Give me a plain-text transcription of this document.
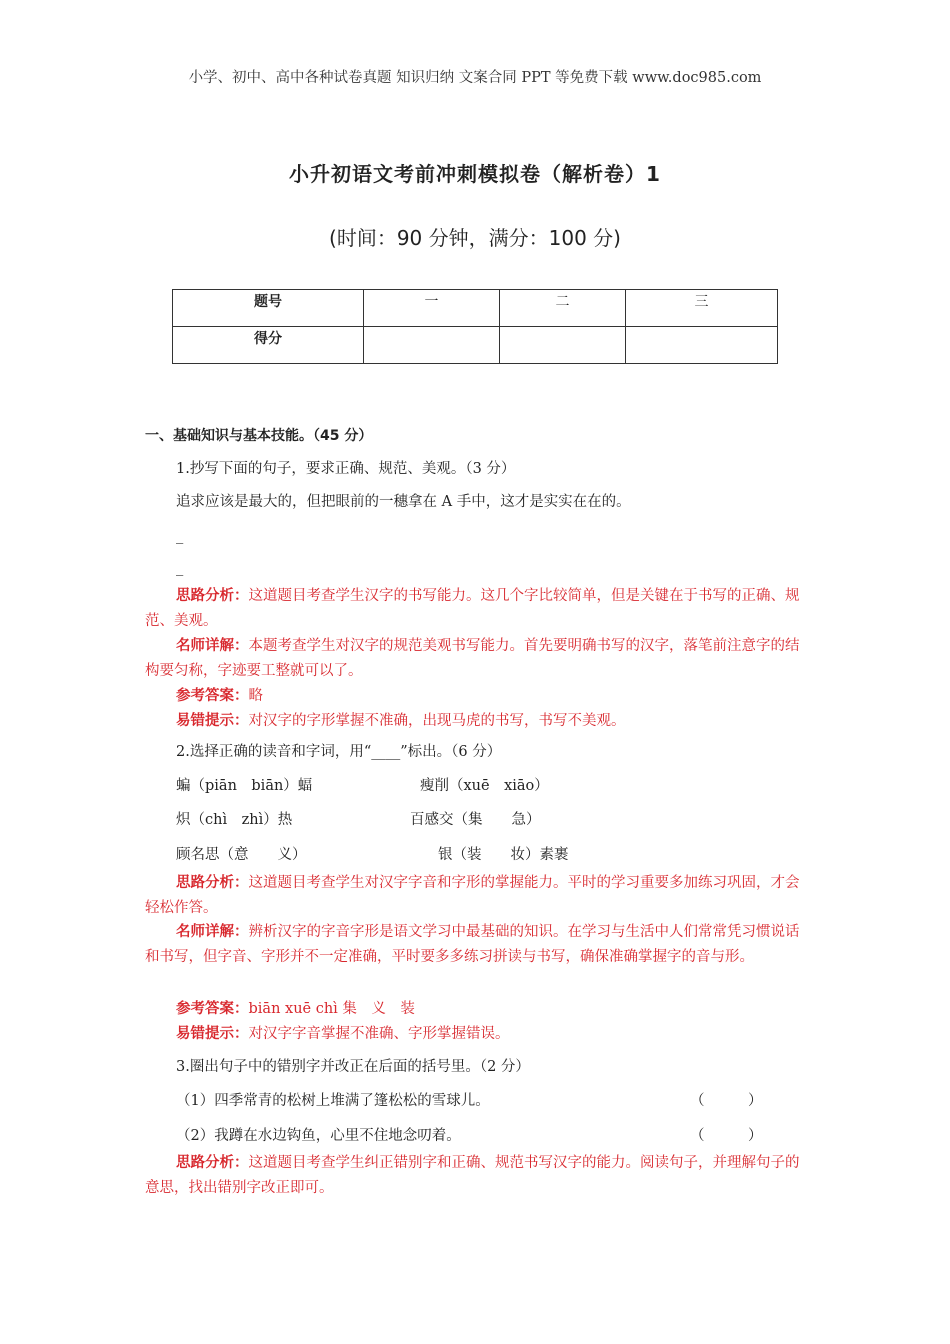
小学、初中、高中各种试卷真题 知识归纳 文案合同 PPT 等免费下载 www.doc985.com
小升初语文考前冲刺模拟卷（解析卷）1
(时间：90 分钟，满分：100 分)
题号	一	二	三

得分			

一、基础知识与基本技能。（45 分）
1.抄写下面的句子，要求正确、规范、美观。（3 分）
追求应该是最大的，但把眼前的一穗拿在 A 手中，这才是实实在在的。
_
_
思路分析：这道题目考查学生汉字的书写能力。这几个字比较简单，但是关键在于书写的正确、规范、美观。
名师详解：本题考查学生对汉字的规范美观书写能力。首先要明确书写的汉字，落笔前注意字的结构要匀称，字迹要工整就可以了。
参考答案：略
易错提示：对汉字的字形掌握不准确，出现马虎的书写，书写不美观。
2.选择正确的读音和字词，用“____”标出。（6 分）
蝙（piān　biān）蝠	瘦削（xuē　xiāo）
炽（chì　zhì）热	百感交（集　　急）
顾名思（意　　义）	银（装　　妆）素裹
思路分析：这道题目考查学生对汉字字音和字形的掌握能力。平时的学习重要多加练习巩固，才会轻松作答。
名师详解：辨析汉字的字音字形是语文学习中最基础的知识。在学习与生活中人们常常凭习惯说话和书写，但字音、字形并不一定准确，平时要多多练习拼读与书写，确保准确掌握字的音与形。
参考答案：biān xuē chì 集　义　装
易错提示：对汉字字音掌握不准确、字形掌握错误。
3.圈出句子中的错别字并改正在后面的括号里。（2 分）
（1）四季常青的松树上堆满了篷松松的雪球儿。	（　　　）
（2）我蹲在水边钩鱼，心里不住地念叨着。	（　　　）
思路分析：这道题目考查学生纠正错别字和正确、规范书写汉字的能力。阅读句子，并理解句子的意思，找出错别字改正即可。
